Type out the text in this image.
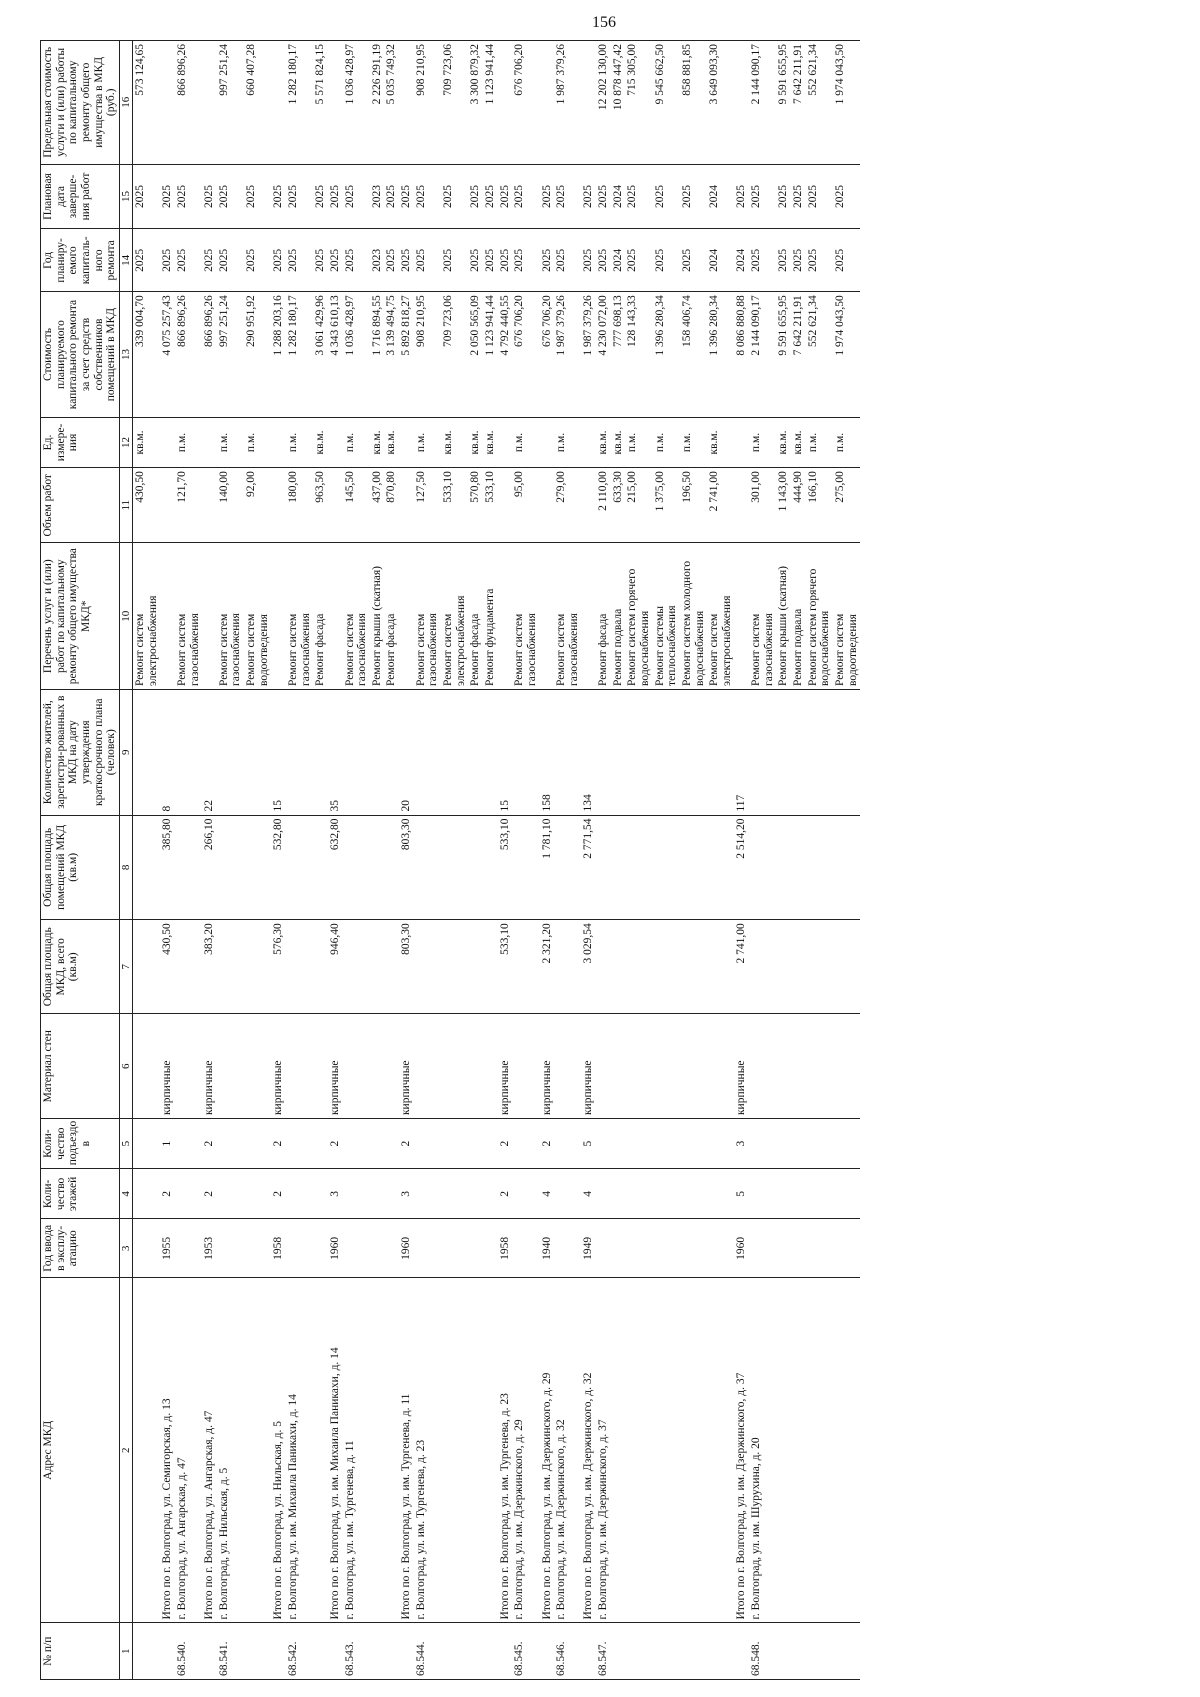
156
№ п/п	Адрес МКД	Год ввода в эксплу-атацию	Коли-чество этажей	Коли-чество подъездо в	Материал стен	Общая площадь МКД, всего (кв.м)	Общая площадь помещений МКД (кв.м)	Количество жителей, зарегистри-рованных в МКД на дату утверждения краткосрочного плана (человек)	Перечень услуг и (или) работ по капитальному ремонту общего имущества МКД*	Объем работ	Ед. измере-ния	Стоимость планируемого капитального ремонта за счет средств собственников помещений в МКД	Год планиру-емого капиталь-ного ремонта	Плановая дата заверше-ния работ	Предельная стоимость услуги и (или) работы по капитальному ремонту общего имущества в МКД (руб.)
1	2	3	4	5	6	7	8	9	10	11	12	13	14	15	16
									Ремонт систем электроснабжения	430,50	кв.м.	339 004,70	2025	2025	573 124,65
	Итого по г. Волгоград, ул. Семигорская, д. 13	1955	2	1	кирпичные	430,50	385,80	8				4 075 257,43	2025	2025	
68.540.	г. Волгоград, ул. Ангарская, д. 47								Ремонт систем газоснабжения	121,70	п.м.	866 896,26	2025	2025	866 896,26
	Итого по г. Волгоград, ул. Ангарская, д. 47	1953	2	2	кирпичные	383,20	266,10	22				866 896,26	2025	2025	
68.541.	г. Волгоград, ул. Нильская, д. 5								Ремонт систем газоснабжения	140,00	п.м.	997 251,24	2025	2025	997 251,24
									Ремонт систем водоотведения	92,00	п.м.	290 951,92	2025	2025	660 407,28
	Итого по г. Волгоград, ул. Нильская, д. 5	1958	2	2	кирпичные	576,30	532,80	15				1 288 203,16	2025	2025	
68.542.	г. Волгоград, ул. им. Михаила Паникахи, д. 14								Ремонт систем газоснабжения	180,00	п.м.	1 282 180,17	2025	2025	1 282 180,17
									Ремонт фасада	963,50	кв.м.	3 061 429,96	2025	2025	5 571 824,15
	Итого по г. Волгоград, ул. им. Михаила Паникахи, д. 14	1960	3	2	кирпичные	946,40	632,80	35				4 343 610,13	2025	2025	
68.543.	г. Волгоград, ул. им. Тургенева, д. 11								Ремонт систем газоснабжения	145,50	п.м.	1 036 428,97	2025	2025	1 036 428,97
									Ремонт крыши (скатная)	437,00	кв.м.	1 716 894,55	2023	2023	2 226 291,19
									Ремонт фасада	870,80	кв.м.	3 139 494,75	2025	2025	5 035 749,32
	Итого по г. Волгоград, ул. им. Тургенева, д. 11	1960	3	2	кирпичные	803,30	803,30	20				5 892 818,27	2025	2025	
68.544.	г. Волгоград, ул. им. Тургенева, д. 23								Ремонт систем газоснабжения	127,50	п.м.	908 210,95	2025	2025	908 210,95
									Ремонт систем электроснабжения	533,10	кв.м.	709 723,06	2025	2025	709 723,06
									Ремонт фасада	570,80	кв.м.	2 050 565,09	2025	2025	3 300 879,32
									Ремонт фундамента	533,10	кв.м.	1 123 941,44	2025	2025	1 123 941,44
	Итого по г. Волгоград, ул. им. Тургенева, д. 23	1958	2	2	кирпичные	533,10	533,10	15				4 792 440,55	2025	2025	
68.545.	г. Волгоград, ул. им. Дзержинского, д. 29								Ремонт систем газоснабжения	95,00	п.м.	676 706,20	2025	2025	676 706,20
	Итого по г. Волгоград, ул. им. Дзержинского, д. 29	1940	4	2	кирпичные	2 321,20	1 781,10	158				676 706,20	2025	2025	
68.546.	г. Волгоград, ул. им. Дзержинского, д. 32								Ремонт систем газоснабжения	279,00	п.м.	1 987 379,26	2025	2025	1 987 379,26
	Итого по г. Волгоград, ул. им. Дзержинского, д. 32	1949	4	5	кирпичные	3 029,54	2 771,54	134				1 987 379,26	2025	2025	
68.547.	г. Волгоград, ул. им. Дзержинского, д. 37								Ремонт фасада	2 110,00	кв.м.	4 230 072,00	2025	2025	12 202 130,00
									Ремонт подвала	633,30	кв.м.	777 698,13	2024	2024	10 878 447,42
									Ремонт систем горячего водоснабжения	215,00	п.м.	128 143,33	2025	2025	715 305,00
									Ремонт системы теплоснабжения	1 375,00	п.м.	1 396 280,34	2025	2025	9 545 662,50
									Ремонт систем холодного водоснабжения	196,50	п.м.	158 406,74	2025	2025	858 881,85
									Ремонт систем электроснабжения	2 741,00	кв.м.	1 396 280,34	2024	2024	3 649 093,30
	Итого по г. Волгоград, ул. им. Дзержинского, д. 37	1960	5	3	кирпичные	2 741,00	2 514,20	117				8 086 880,88	2024	2025	
68.548.	г. Волгоград, ул. им. Шурухина, д. 20								Ремонт систем газоснабжения	301,00	п.м.	2 144 090,17	2025	2025	2 144 090,17
									Ремонт крыши (скатная)	1 143,00	кв.м.	9 591 655,95	2025	2025	9 591 655,95
									Ремонт подвала	444,90	кв.м.	7 642 211,91	2025	2025	7 642 211,91
									Ремонт систем горячего водоснабжения	166,10	п.м.	552 621,34	2025	2025	552 621,34
									Ремонт систем водоотведения	275,00	п.м.	1 974 043,50	2025	2025	1 974 043,50
